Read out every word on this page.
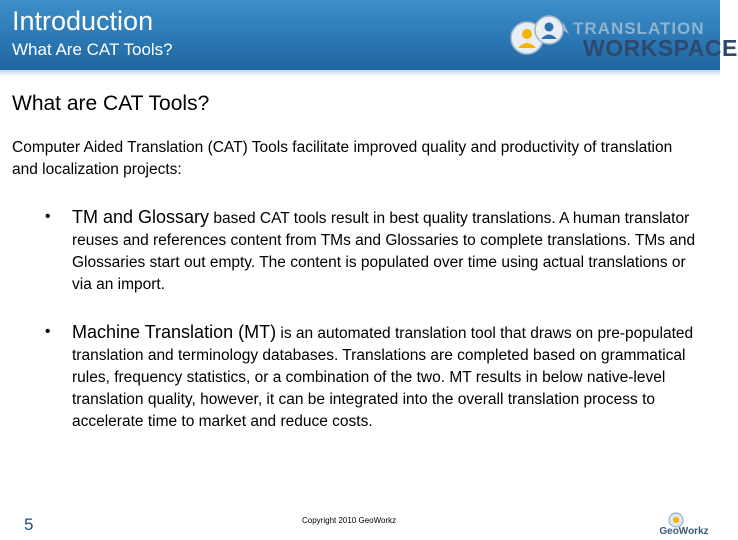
Introduction
What Are CAT Tools?
TRANSLATION
WORKSPACE
What are CAT Tools?
Computer Aided Translation (CAT) Tools facilitate improved quality and productivity of translation and localization projects:
• TM and Glossary based CAT tools result in best quality translations. A human translator reuses and references content from TMs and Glossaries to complete translations. TMs and Glossaries start out empty. The content is populated over time using actual translations or via an import.
• Machine Translation (MT) is an automated translation tool that draws on pre-populated translation and terminology databases. Translations are completed based on grammatical rules, frequency statistics, or a combination of the two. MT results in below native-level translation quality, however, it can be integrated into the overall translation process to accelerate time to market and reduce costs.
5	Copyright 2010 GeoWorkz
GeoWorkz
